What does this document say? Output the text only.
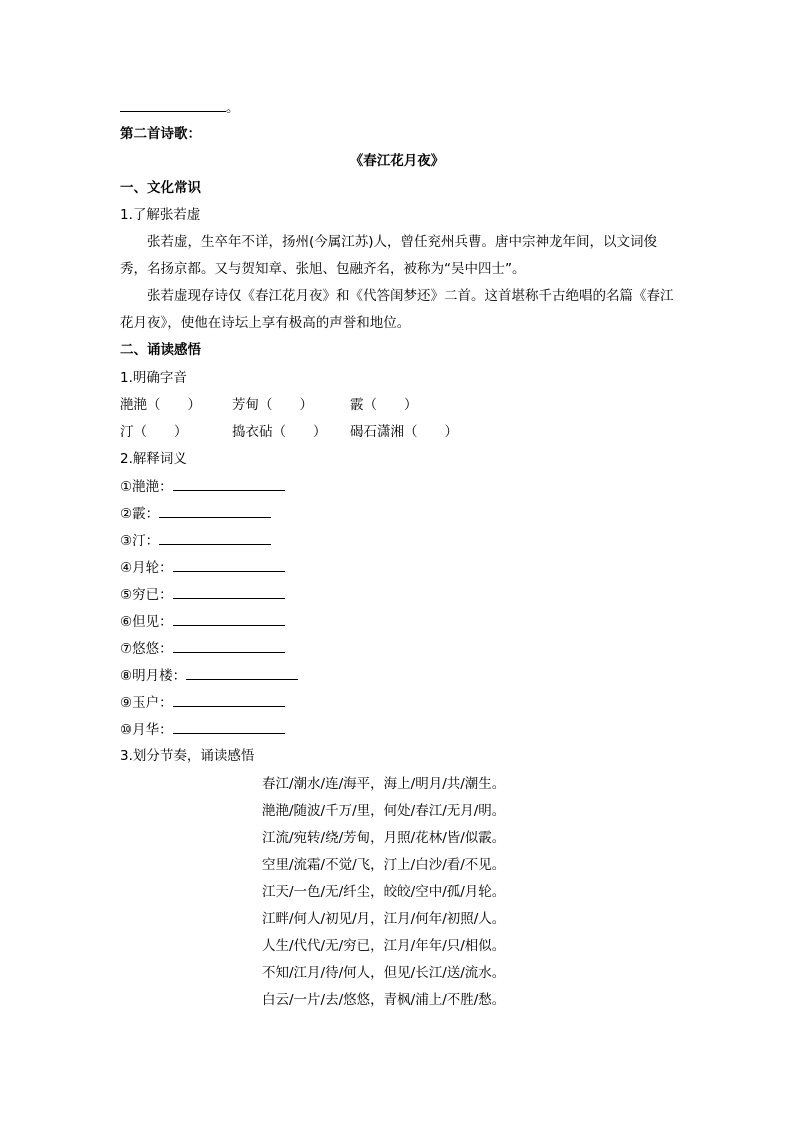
。
第二首诗歌：
《春江花月夜》
一、文化常识
1.了解张若虚
张若虚，生卒年不详，扬州(今属江苏)人，曾任兖州兵曹。唐中宗神龙年间，以文词俊秀，名扬京都。又与贺知章、张旭、包融齐名，被称为“吴中四士”。
张若虚现存诗仅《春江花月夜》和《代答闺梦还》二首。这首堪称千古绝唱的名篇《春江花月夜》，使他在诗坛上享有极高的声誉和地位。
二、诵读感悟
1.明确字音
滟滟（　　） 芳甸（　　）	霰（　　）
汀（　　）	捣衣砧（　　） 碣石潇湘（　　）
2.解释词义
①滟滟：
②霰：
③汀：
④月轮：
⑤穷已：
⑥但见：
⑦悠悠：
⑧明月楼：
⑨玉户：
⑩月华：
3.划分节奏，诵读感悟
春江/潮水/连/海平，海上/明月/共/潮生。
滟滟/随波/千万/里，何处/春江/无月/明。
江流/宛转/绕/芳甸，月照/花林/皆/似霰。
空里/流霜/不觉/飞，汀上/白沙/看/不见。
江天/一色/无/纤尘，皎皎/空中/孤/月轮。
江畔/何人/初见/月，江月/何年/初照/人。
人生/代代/无/穷已，江月/年年/只/相似。
不知/江月/待/何人，但见/长江/送/流水。
白云/一片/去/悠悠，青枫/浦上/不胜/愁。
